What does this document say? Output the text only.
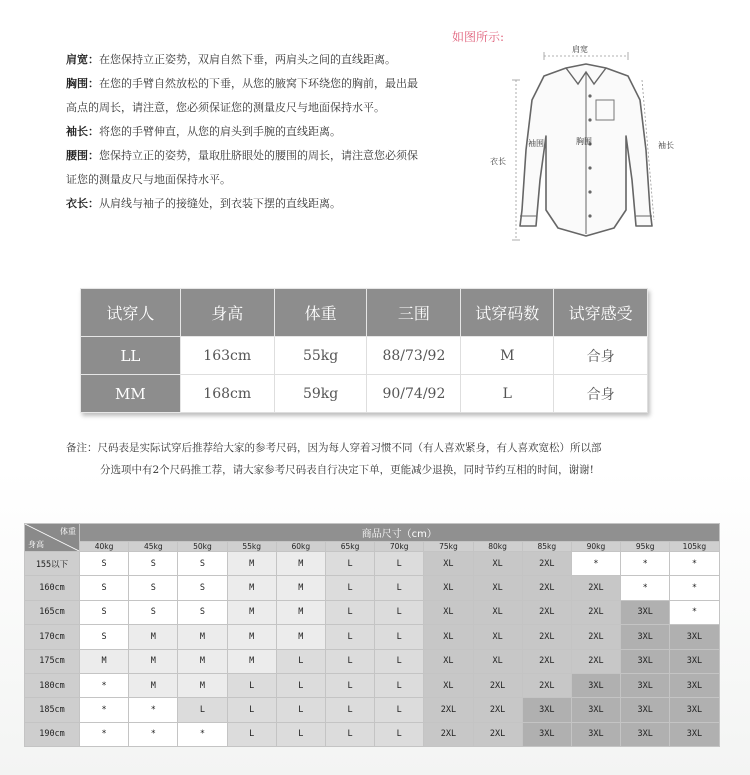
肩宽：在您保持立正姿势，双肩自然下垂，两肩头之间的直线距离。
胸围：在您的手臂自然放松的下垂，从您的腋窝下环绕您的胸前，最出最
高点的周长，请注意，您必须保证您的测量皮尺与地面保持水平。
袖长：将您的手臂伸直，从您的肩头到手腕的直线距离。
腰围：您保持立正的姿势，量取肚脐眼处的腰围的周长，请注意您必须保
证您的测量皮尺与地面保持水平。
衣长：从肩线与袖子的接缝处，到衣装下摆的直线距离。
如图所示:
肩宽
袖围	胸围	袖长
衣长
试穿人	身高	体重	三围	试穿码数	试穿感受
LL	163cm	55kg	88/73/92	M	合身
MM	168cm	59kg	90/74/92	L	合身
备注：尺码表是实际试穿后推荐给大家的参考尺码，因为每人穿着习惯不同（有人喜欢紧身，有人喜欢宽松）所以部
分选项中有2个尺码推工荐，请大家参考尺码表自行决定下单，更能减少退换，同时节约互相的时间，谢谢!
体重
身高	商品尺寸（cm）												
	40kg	45kg	50kg	55kg	60kg	65kg	70kg	75kg	80kg	85kg	90kg	95kg	105kg
155以下	S	S	S	M	M	L	L	XL	XL	2XL	*	*	*
160cm	S	S	S	M	M	L	L	XL	XL	2XL	2XL	*	*
165cm	S	S	S	M	M	L	L	XL	XL	2XL	2XL	3XL	*
170cm	S	M	M	M	M	L	L	XL	XL	2XL	2XL	3XL	3XL
175cm	M	M	M	M	L	L	L	XL	XL	2XL	2XL	3XL	3XL
180cm	*	M	M	L	L	L	L	XL	2XL	2XL	3XL	3XL	3XL
185cm	*	*	L	L	L	L	L	2XL	2XL	3XL	3XL	3XL	3XL
190cm	*	*	*	L	L	L	L	2XL	2XL	3XL	3XL	3XL	3XL
